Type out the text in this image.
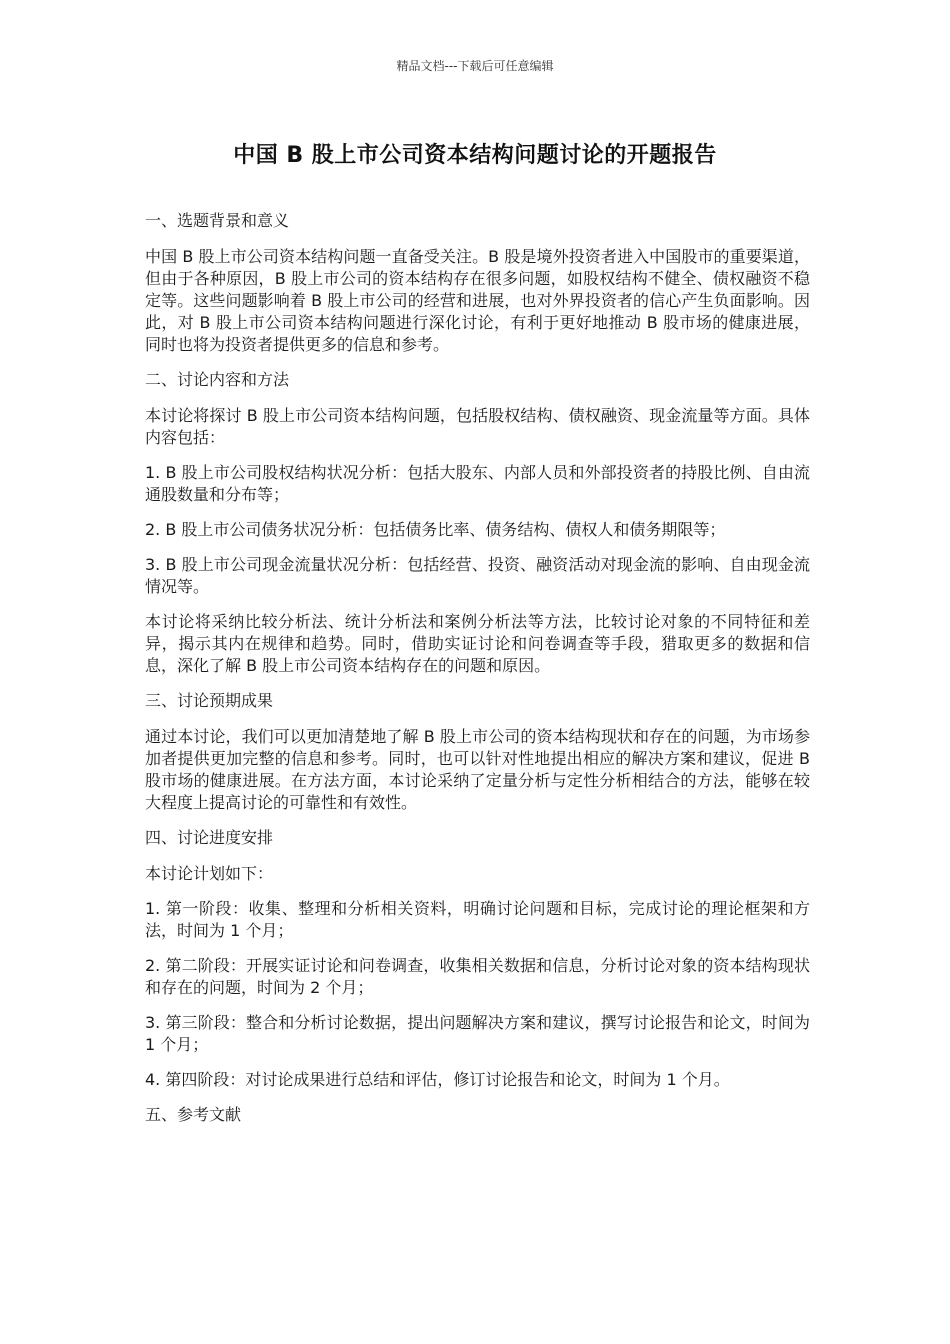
精品文档---下载后可任意编辑
中国 B 股上市公司资本结构问题讨论的开题报告

一、选题背景和意义

中国 B 股上市公司资本结构问题一直备受关注。B 股是境外投资者进入中国股市的重要渠道，但由于各种原因，B 股上市公司的资本结构存在很多问题，如股权结构不健全、债权融资不稳定等。这些问题影响着 B 股上市公司的经营和进展，也对外界投资者的信心产生负面影响。因此，对 B 股上市公司资本结构问题进行深化讨论，有利于更好地推动 B 股市场的健康进展，同时也将为投资者提供更多的信息和参考。

二、讨论内容和方法

本讨论将探讨 B 股上市公司资本结构问题，包括股权结构、债权融资、现金流量等方面。具体内容包括：

1. B 股上市公司股权结构状况分析：包括大股东、内部人员和外部投资者的持股比例、自由流通股数量和分布等；

2. B 股上市公司债务状况分析：包括债务比率、债务结构、债权人和债务期限等；

3. B 股上市公司现金流量状况分析：包括经营、投资、融资活动对现金流的影响、自由现金流情况等。

本讨论将采纳比较分析法、统计分析法和案例分析法等方法，比较讨论对象的不同特征和差异，揭示其内在规律和趋势。同时，借助实证讨论和问卷调查等手段，猎取更多的数据和信息，深化了解 B 股上市公司资本结构存在的问题和原因。

三、讨论预期成果

通过本讨论，我们可以更加清楚地了解 B 股上市公司的资本结构现状和存在的问题，为市场参加者提供更加完整的信息和参考。同时，也可以针对性地提出相应的解决方案和建议，促进 B 股市场的健康进展。在方法方面，本讨论采纳了定量分析与定性分析相结合的方法，能够在较大程度上提高讨论的可靠性和有效性。

四、讨论进度安排

本讨论计划如下：

1. 第一阶段：收集、整理和分析相关资料，明确讨论问题和目标，完成讨论的理论框架和方法，时间为 1 个月；

2. 第二阶段：开展实证讨论和问卷调查，收集相关数据和信息，分析讨论对象的资本结构现状和存在的问题，时间为 2 个月；

3. 第三阶段：整合和分析讨论数据，提出问题解决方案和建议，撰写讨论报告和论文，时间为 1 个月；

4. 第四阶段：对讨论成果进行总结和评估，修订讨论报告和论文，时间为 1 个月。

五、参考文献
